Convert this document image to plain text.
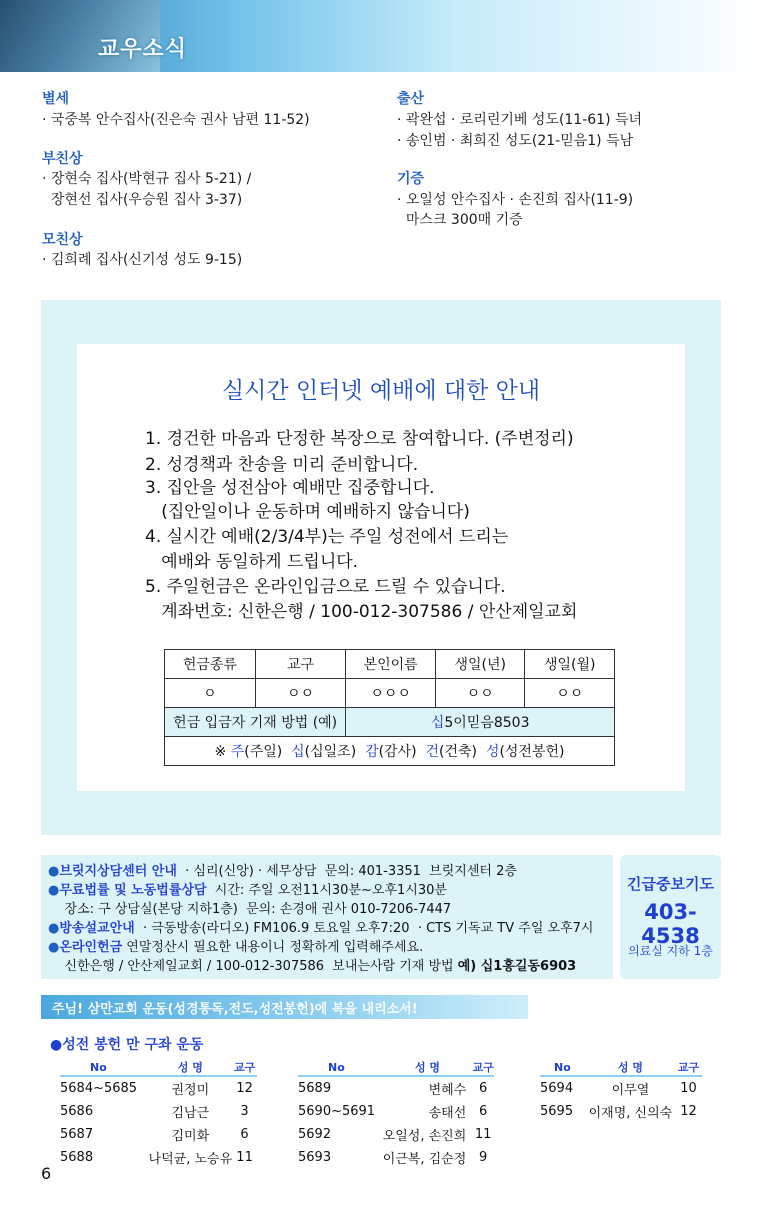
교우소식
별세
· 국중복 안수집사(진은숙 권사 남편 11-52)
부친상
· 장현숙 집사(박현규 집사 5-21) /
장현선 집사(우승원 집사 3-37)
모친상
· 김희례 집사(신기성 성도 9-15)
출산
· 곽완섭 · 로리린기베 성도(11-61) 득녀
· 송인범 · 최희진 성도(21-믿음1) 득남
기증
· 오일성 안수집사 · 손진희 집사(11-9)
마스크 300매 기증
실시간 인터넷 예배에 대한 안내
1. 경건한 마음과 단정한 복장으로 참여합니다. (주변정리)
2. 성경책과 찬송을 미리 준비합니다.
3. 집안을 성전삼아 예배만 집중합니다.
(집안일이나 운동하며 예배하지 않습니다)
4. 실시간 예배(2/3/4부)는 주일 성전에서 드리는
예배와 동일하게 드립니다.
5. 주일헌금은 온라인입금으로 드릴 수 있습니다.
계좌번호: 신한은행 / 100-012-307586 / 안산제일교회
헌금종류	교구	본인이름	생일(년)	생일(월)
ㅇ	ㅇㅇ	ㅇㅇㅇ	ㅇㅇ	ㅇㅇ
헌금 입금자 기재 방법 (예)		십5이믿음8503		
※ 주(주일) 십(십일조) 감(감사) 건(건축) 성(성전봉헌)				
●브릿지상담센터 안내  · 심리(신앙) · 세무상담  문의: 401-3351  브릿지센터 2층
●무료법률 및 노동법률상담  시간: 주일 오전11시30분~오후1시30분
장소: 구 상담실(본당 지하1층)  문의: 손경애 권사 010-7206-7447
●방송설교안내  · 극동방송(라디오) FM106.9 토요일 오후7:20  · CTS 기독교 TV 주일 오후7시
●온라인헌금 연말정산시 필요한 내용이니 정확하게 입력해주세요.
신한은행 / 안산제일교회 / 100-012-307586  보내는사람 기재 방법 예) 십1홍길동6903
긴급중보기도
403-4538
의료실 지하 1층
주님! 삼만교회 운동(성경통독,전도,성전봉헌)에 복을 내리소서!
●성전 봉헌 만 구좌 운동
No	성 명	교구
5684~5685	권정미	12
5686	김남근	3
5687	김미화	6
5688	나덕균, 노승유	11
No	성 명	교구
5689	변혜수	6
5690~5691	송태선	6
5692	오일성, 손진희	11
5693	이근복, 김순정	9
No	성 명	교구
5694	이무열	10
5695	이재명, 신의숙	12
6
